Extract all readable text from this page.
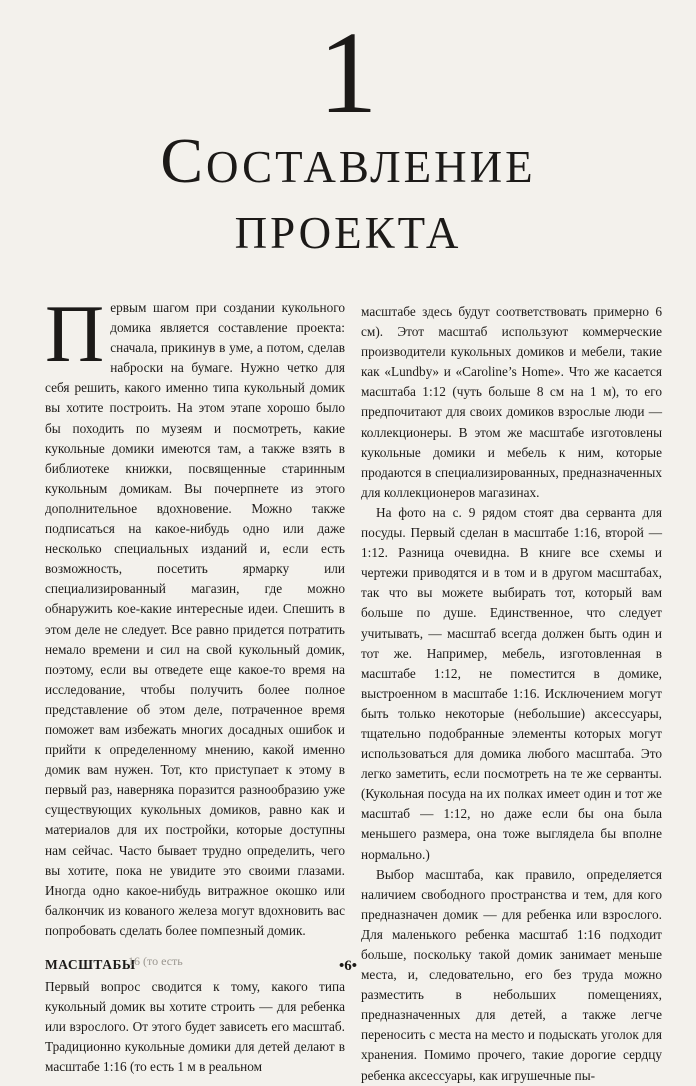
1
Составление
проекта

Первым шагом при создании кукольного домика является составление проекта: сначала, прикинув в уме, а потом, сделав наброски на бумаге. Нужно четко для себя решить, какого именно типа кукольный домик вы хотите построить. На этом этапе хорошо было бы походить по музеям и посмотреть, какие кукольные домики имеются там, а также взять в библиотеке книжки, посвященные старинным кукольным домикам. Вы почерпнете из этого дополнительное вдохновение. Можно также подписаться на какое-нибудь одно или даже несколько специальных изданий и, если есть возможность, посетить ярмарку или специализированный магазин, где можно обнаружить кое-какие интересные идеи. Спешить в этом деле не следует. Все равно придется потратить немало времени и сил на свой кукольный домик, поэтому, если вы отведете еще какое-то время на исследование, чтобы получить более полное представление об этом деле, потраченное время поможет вам избежать многих досадных ошибок и прийти к определенному мнению, какой именно домик вам нужен. Тот, кто приступает к этому в первый раз, наверняка поразится разнообразию уже существующих кукольных домиков, равно как и материалов для их постройки, которые доступны нам сейчас. Часто бывает трудно определить, чего вы хотите, пока не увидите это своими глазами. Иногда одно какое-нибудь витражное окошко или балкончик из кованого железа могут вдохновить вас попробовать сделать более помпезный домик.

МАСШТАБЫ

Первый вопрос сводится к тому, какого типа кукольный домик вы хотите строить — для ребенка или взрослого. От этого будет зависеть его масштаб. Традиционно кукольные домики для детей делают в масштабе 1:16 (то есть 1 м в реальном

масштабе здесь будут соответствовать примерно 6 см). Этот масштаб используют коммерческие производители кукольных домиков и мебели, такие как «Lundby» и «Caroline’s Home». Что же касается масштаба 1:12 (чуть больше 8 см на 1 м), то его предпочитают для своих домиков взрослые люди — коллекционеры. В этом же масштабе изготовлены кукольные домики и мебель к ним, которые продаются в специализированных, предназначенных для коллекционеров магазинах.

На фото на с. 9 рядом стоят два серванта для посуды. Первый сделан в масштабе 1:16, второй — 1:12. Разница очевидна. В книге все схемы и чертежи приводятся и в том и в другом масштабах, так что вы можете выбирать тот, который вам больше по душе. Единственное, что следует учитывать, — масштаб всегда должен быть один и тот же. Например, мебель, изготовленная в масштабе 1:12, не поместится в домике, выстроенном в масштабе 1:16. Исключением могут быть только некоторые (небольшие) аксессуары, тщательно подобранные элементы которых могут использоваться для домика любого масштаба. Это легко заметить, если посмотреть на те же серванты. (Кукольная посуда на их полках имеет один и тот же масштаб — 1:12, но даже если бы она была меньшего размера, она тоже выглядела бы вполне нормально.)

Выбор масштаба, как правило, определяется наличием свободного пространства и тем, для кого предназначен домик — для ребенка или взрослого. Для маленького ребенка масштаб 1:16 подходит больше, поскольку такой домик занимает меньше места, и, следовательно, его без труда можно разместить в небольших помещениях, предназначенных для детей, а также легче переносить с места на место и подыскать уголок для хранения. Помимо прочего, такие дорогие сердцу ребенка аксессуары, как игрушечные пы-

16 (то есть	•6•
